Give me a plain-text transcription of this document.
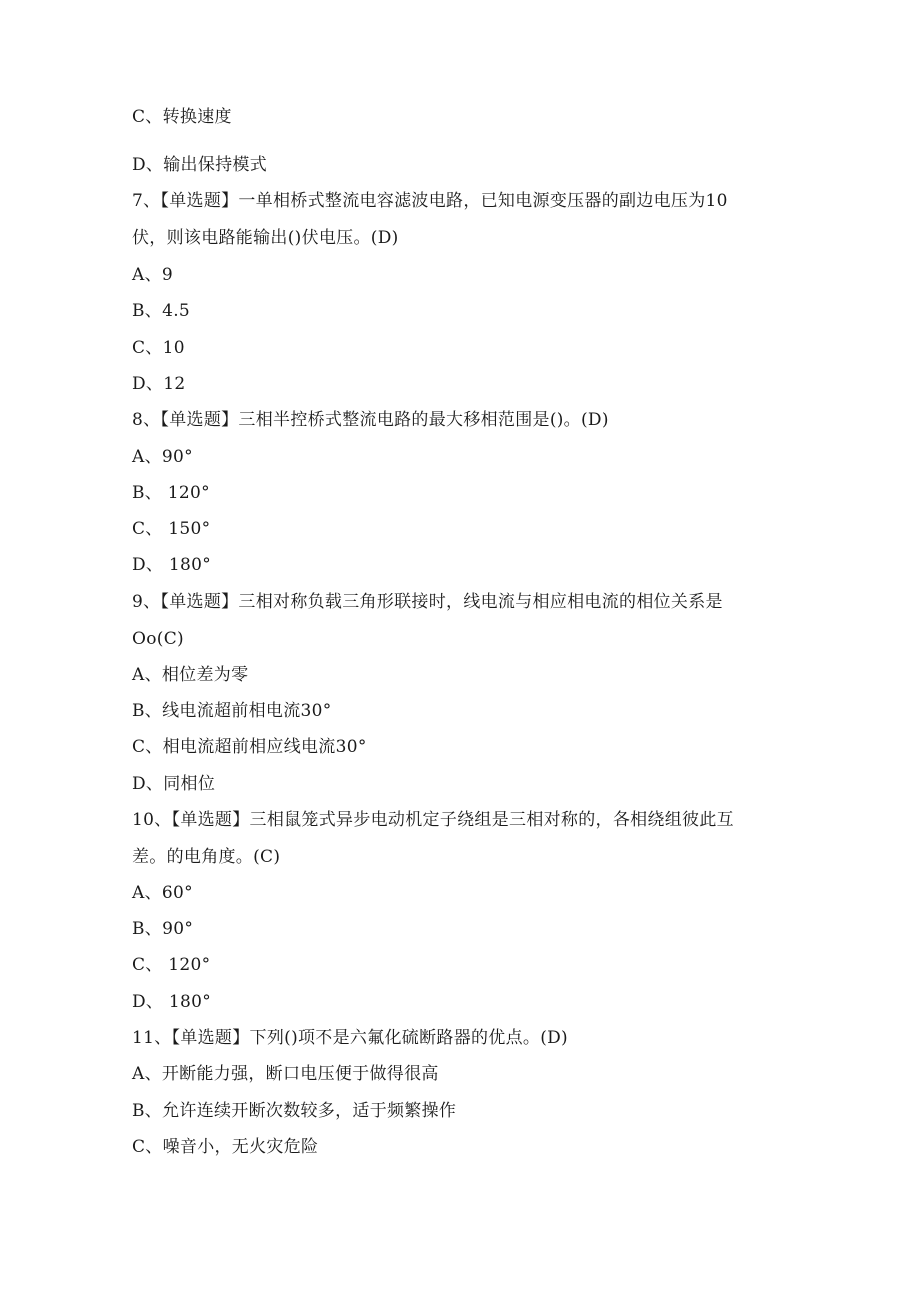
C、转换速度
D、输出保持模式
7、【单选题】一单相桥式整流电容滤波电路，已知电源变压器的副边电压为10
伏，则该电路能输出()伏电压。(D)
A、9
B、4.5
C、10
D、12
8、【单选题】三相半控桥式整流电路的最大移相范围是()。(D)
A、90°
B、 120°
C、 150°
D、 180°
9、【单选题】三相对称负载三角形联接时，线电流与相应相电流的相位关系是
Oo(C)
A、相位差为零
B、线电流超前相电流30°
C、相电流超前相应线电流30°
D、同相位
10、【单选题】三相鼠笼式异步电动机定子绕组是三相对称的，各相绕组彼此互
差。的电角度。(C)
A、60°
B、90°
C、 120°
D、 180°
11、【单选题】下列()项不是六氟化硫断路器的优点。(D)
A、开断能力强，断口电压便于做得很高
B、允许连续开断次数较多，适于频繁操作
C、噪音小，无火灾危险
